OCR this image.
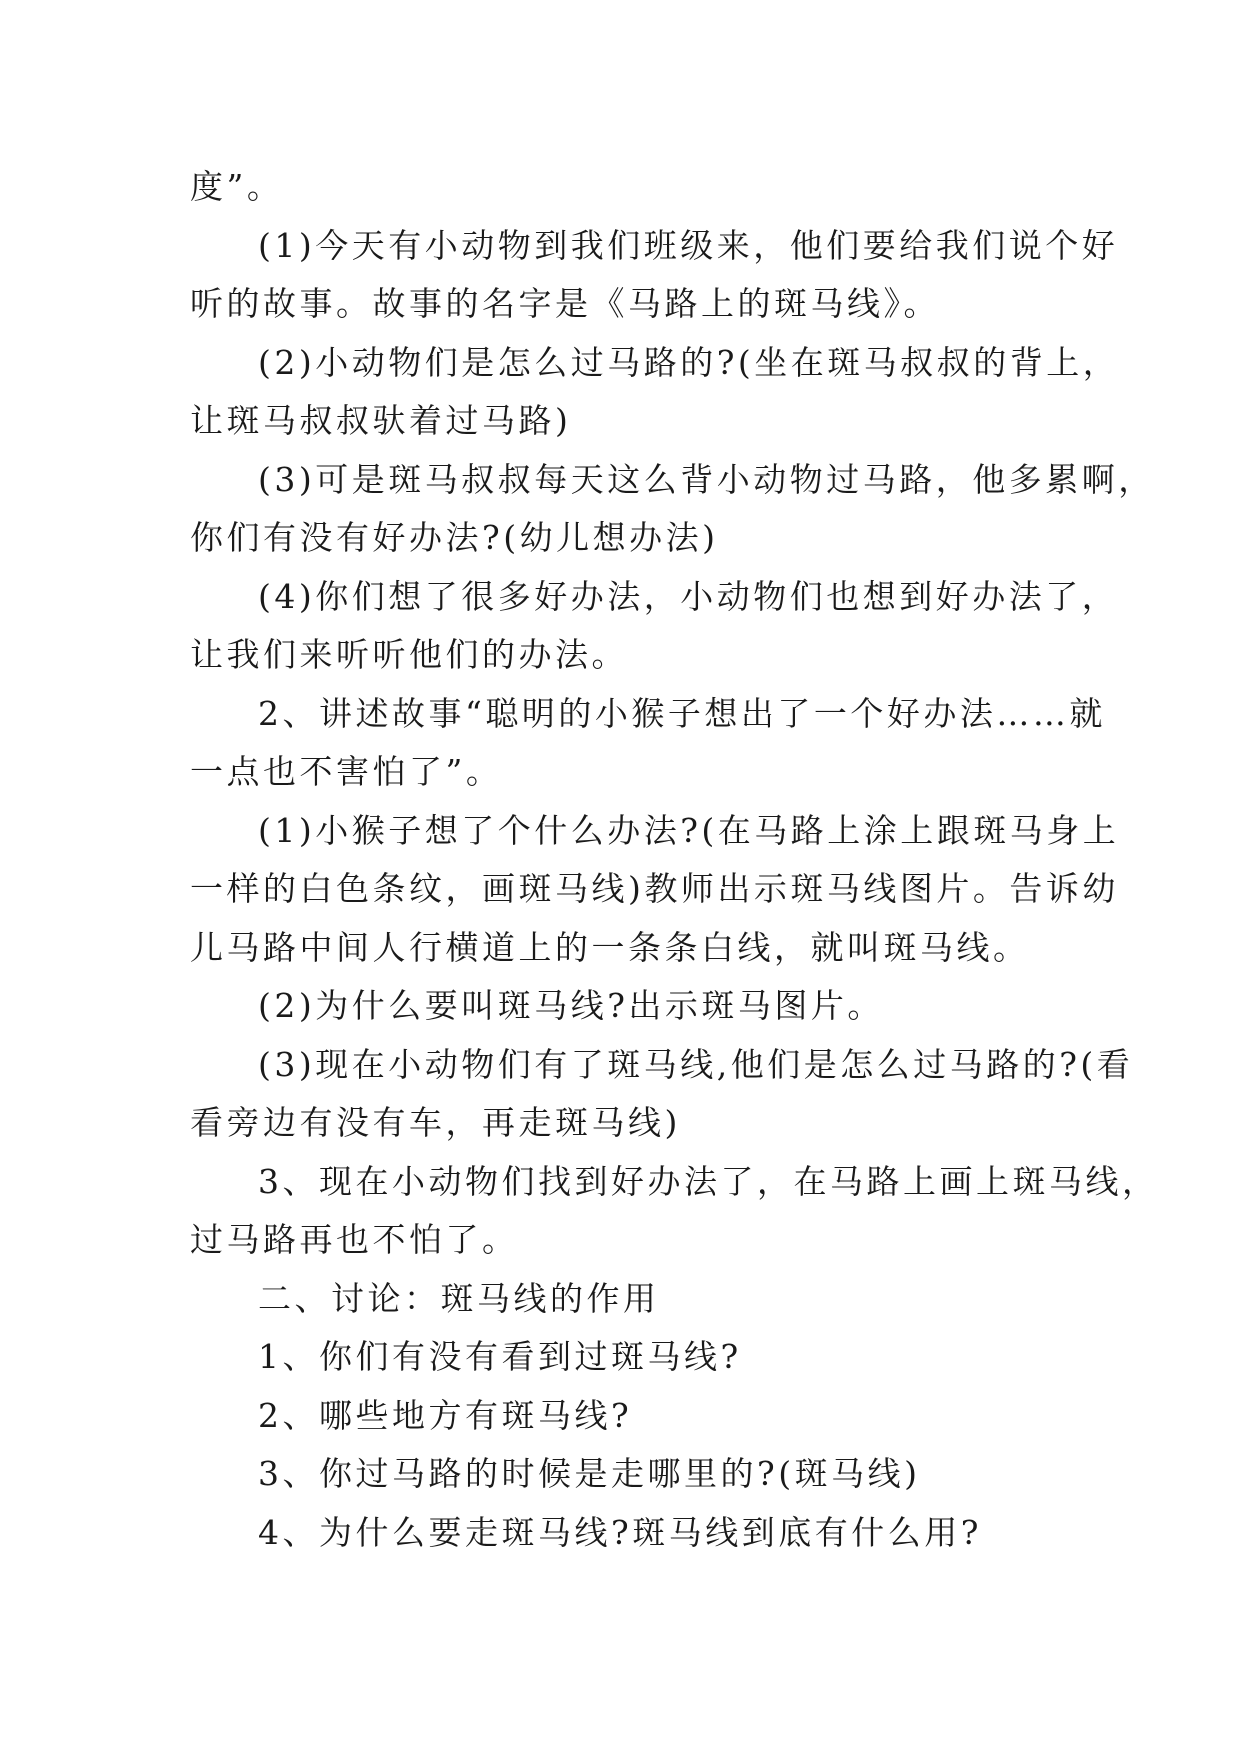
度”。

(1)今天有小动物到我们班级来，他们要给我们说个好
听的故事。故事的名字是《马路上的斑马线》。

(2)小动物们是怎么过马路的?(坐在斑马叔叔的背上，
让斑马叔叔驮着过马路)

(3)可是斑马叔叔每天这么背小动物过马路，他多累啊，
你们有没有好办法?(幼儿想办法)

(4)你们想了很多好办法，小动物们也想到好办法了，
让我们来听听他们的办法。

2、讲述故事“聪明的小猴子想出了一个好办法……就
一点也不害怕了”。

(1)小猴子想了个什么办法?(在马路上涂上跟斑马身上
一样的白色条纹，画斑马线)教师出示斑马线图片。告诉幼
儿马路中间人行横道上的一条条白线，就叫斑马线。

(2)为什么要叫斑马线?出示斑马图片。

(3)现在小动物们有了斑马线,他们是怎么过马路的?(看
看旁边有没有车，再走斑马线)

3、现在小动物们找到好办法了，在马路上画上斑马线，
过马路再也不怕了。

二、讨论：斑马线的作用

1、你们有没有看到过斑马线?

2、哪些地方有斑马线?

3、你过马路的时候是走哪里的?(斑马线)

4、为什么要走斑马线?斑马线到底有什么用?
